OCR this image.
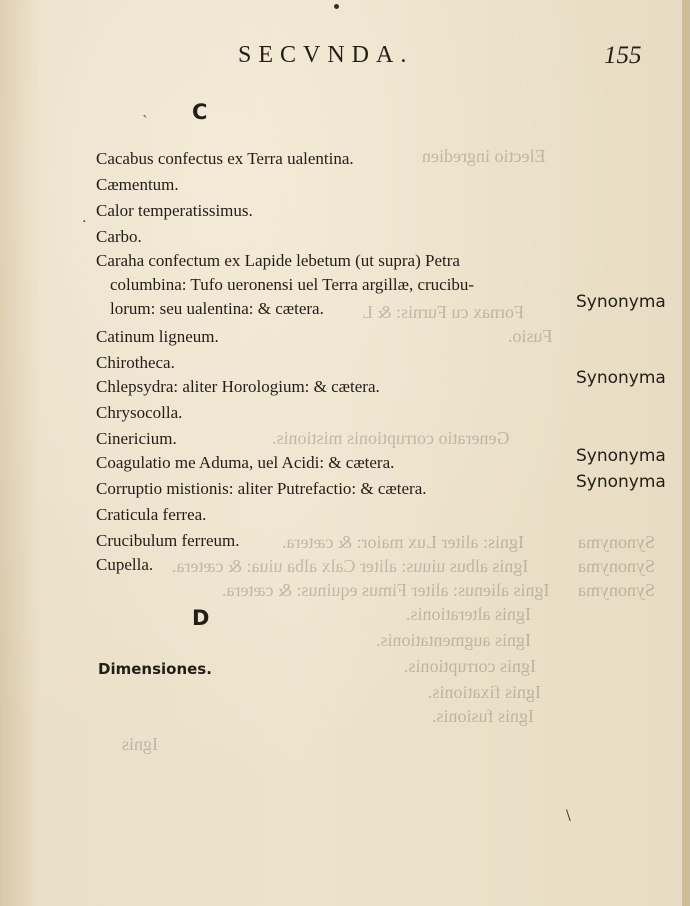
Electio ingredien
Fornax cu Furnis: & L
Fusio.
Generatio corruptionis mistionis.
Ignis: aliter Lux maior: & cætera.
Ignis albus uiuus: aliter Calx alba uiua: & cætera.
Ignis alienus: aliter Fimus equinus: & cætera.
Ignis alterationis.
Ignis augmentationis.
Ignis corruptionis.
Ignis fixationis.
Ignis fusionis.
Ignis
Synonyma
Synonyma
Synonyma
SECVNDA.	155
C
Cacabus confectus ex Terra ualentina.
Cæmentum.
Calor temperatissimus.
Carbo.
Caraha confectum ex Lapide lebetum (ut supra) Petra
columbina: Tufo ueronensi uel Terra argillæ, crucibu-
lorum: seu ualentina: & cætera.
Catinum ligneum.
Chirotheca.
Chlepsydra: aliter Horologium: & cætera.
Chrysocolla.
Cinericium.
Coagulatio me Aduma, uel Acidi: & cætera.
Corruptio mistionis: aliter Putrefactio: & cætera.
Craticula ferrea.
Crucibulum ferreum.
Cupella.
Synonyma
Synonyma
Synonyma
Synonyma
D
Dimensiones.
·
ˋ
\
